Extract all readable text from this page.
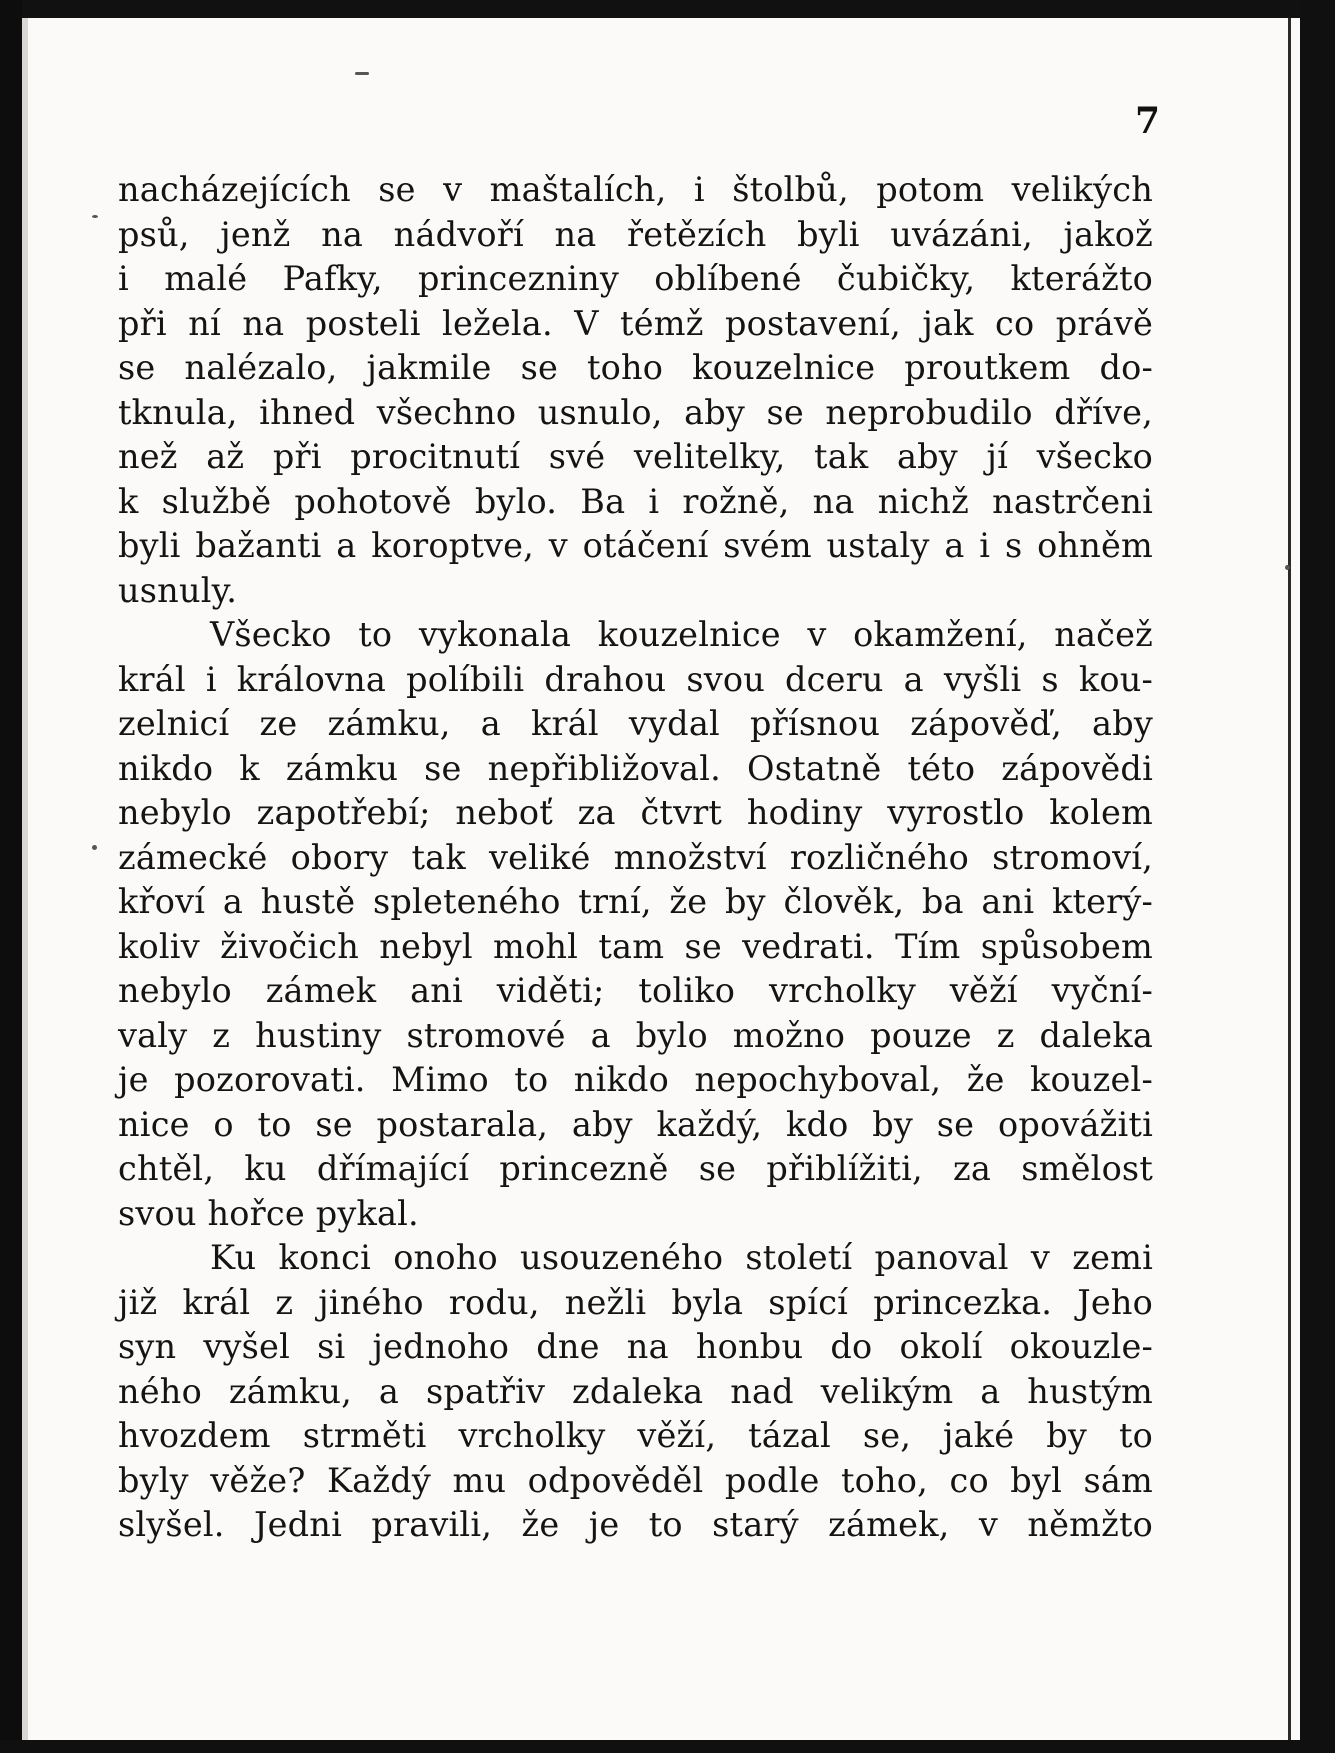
7
nacházejících se v maštalích, i štolbů, potom velikých
psů, jenž na nádvoří na řetězích byli uvázáni, jakož
i malé Pafky, princezniny oblíbené čubičky, kterážto
při ní na posteli ležela. V témž postavení, jak co právě
se nalézalo, jakmile se toho kouzelnice proutkem do-
tknula, ihned všechno usnulo, aby se neprobudilo dříve,
než až při procitnutí své velitelky, tak aby jí všecko
k službě pohotově bylo. Ba i rožně, na nichž nastrčeni
byli bažanti a koroptve, v otáčení svém ustaly a i s ohněm
usnuly.
Všecko to vykonala kouzelnice v okamžení, načež
král i královna políbili drahou svou dceru a vyšli s kou-
zelnicí ze zámku, a král vydal přísnou zápověď, aby
nikdo k zámku se nepřibližoval. Ostatně této zápovědi
nebylo zapotřebí; neboť za čtvrt hodiny vyrostlo kolem
zámecké obory tak veliké množství rozličného stromoví,
křoví a hustě spleteného trní, že by člověk, ba ani který-
koliv živočich nebyl mohl tam se vedrati. Tím spůsobem
nebylo zámek ani viděti; toliko vrcholky věží vyční-
valy z hustiny stromové a bylo možno pouze z daleka
je pozorovati. Mimo to nikdo nepochyboval, že kouzel-
nice o to se postarala, aby každý, kdo by se opovážiti
chtěl, ku dřímající princezně se přiblížiti, za smělost
svou hořce pykal.
Ku konci onoho usouzeného století panoval v zemi
již král z jiného rodu, nežli byla spící princezka. Jeho
syn vyšel si jednoho dne na honbu do okolí okouzle-
ného zámku, a spatřiv zdaleka nad velikým a hustým
hvozdem strměti vrcholky věží, tázal se, jaké by to
byly věže? Každý mu odpověděl podle toho, co byl sám
slyšel. Jedni pravili, že je to starý zámek, v němžto
